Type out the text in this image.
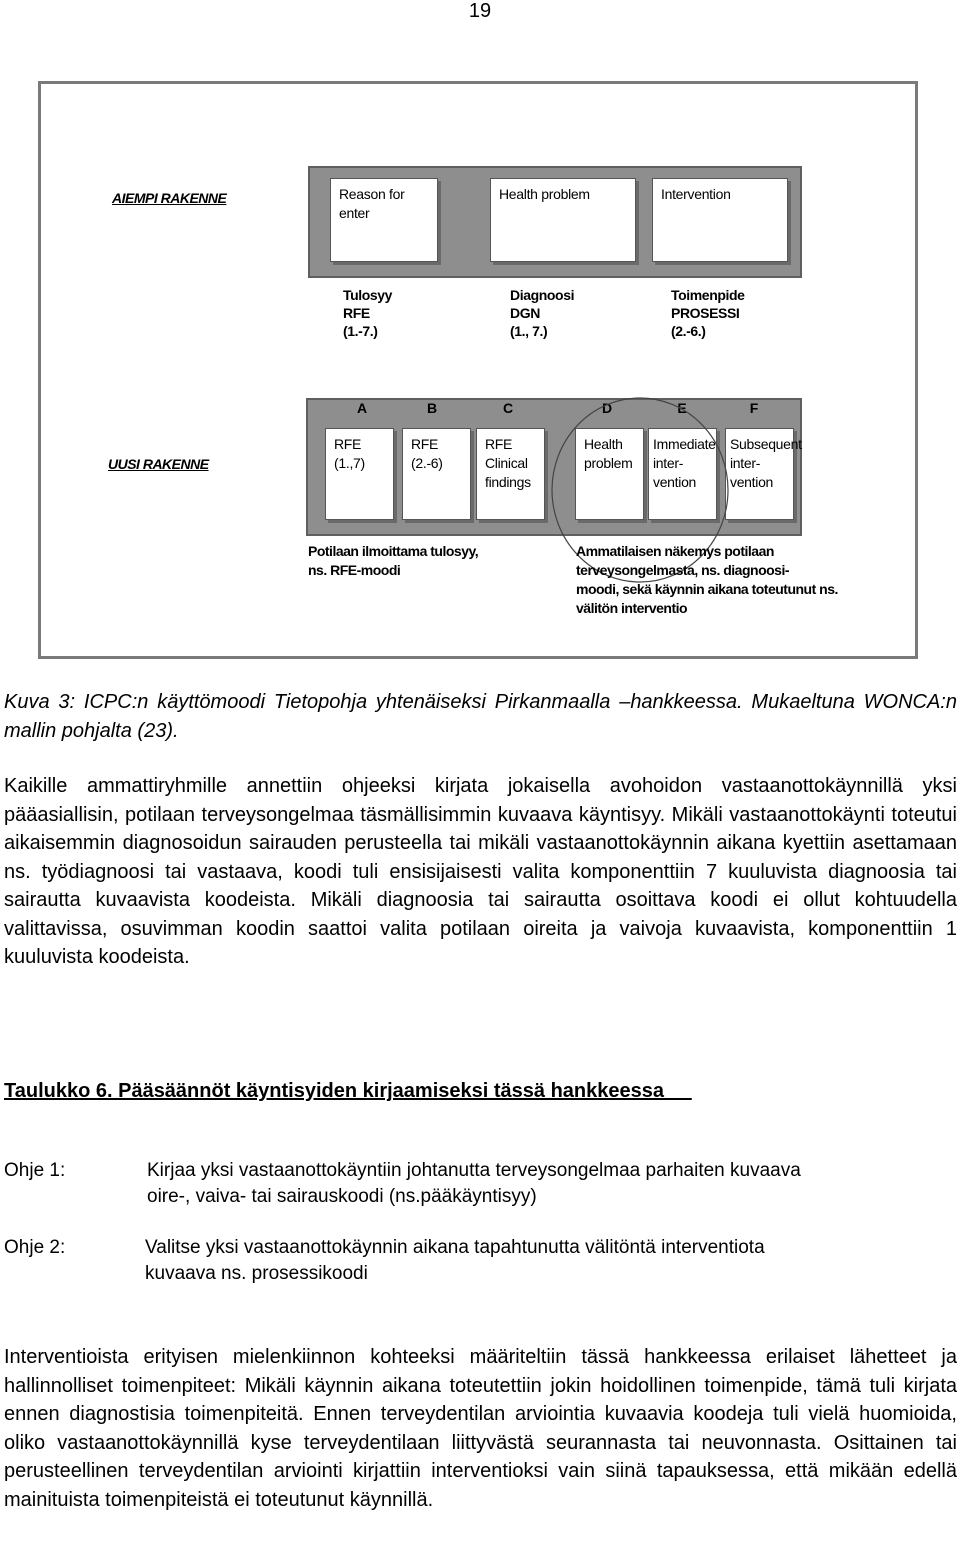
19
AIEMPI RAKENNE
UUSI RAKENNE
Reason for enter
Health problem	Intervention
Tulosyy
RFE
(1.-7.)
Diagnoosi
DGN
(1., 7.)
Toimenpide
PROSESSI
(2.-6.)
A	B	C	D	E	F
RFE
(1.,7)
RFE
(2.-6)
RFE
Clinical
findings
Health
problem
Immediate
inter-
vention
Subsequent
inter-
vention
Potilaan ilmoittama tulosyy,
ns. RFE-moodi
Ammatilaisen näkemys potilaan
terveysongelmasta, ns. diagnoosi-
moodi, sekä käynnin aikana toteutunut ns.
välitön interventio
Kuva 3: ICPC:n käyttömoodi Tietopohja yhtenäiseksi Pirkanmaalla –hankkeessa. Mukaeltuna WONCA:n mallin pohjalta (23).
Kaikille ammattiryhmille annettiin ohjeeksi kirjata jokaisella avohoidon vastaanottokäynnillä yksi pääasiallisin, potilaan terveysongelmaa täsmällisimmin kuvaava käyntisyy. Mikäli vastaanottokäynti toteutui aikaisemmin diagnosoidun sairauden perusteella tai mikäli vastaanottokäynnin aikana kyettiin asettamaan ns. työdiagnoosi tai vastaava, koodi tuli ensisijaisesti valita komponenttiin 7 kuuluvista diagnoosia tai sairautta kuvaavista koodeista. Mikäli diagnoosia tai sairautta osoittava koodi ei ollut kohtuudella valittavissa, osuvimman koodin saattoi valita potilaan oireita ja vaivoja kuvaavista, komponenttiin 1 kuuluvista koodeista.
Taulukko 6. Pääsäännöt käyntisyiden kirjaamiseksi tässä hankkeessa
Ohje 1:	Kirjaa yksi vastaanottokäyntiin johtanutta terveysongelmaa parhaiten kuvaava
oire-, vaiva- tai sairauskoodi (ns.pääkäyntisyy)
Ohje 2:	Valitse yksi vastaanottokäynnin aikana tapahtunutta välitöntä interventiota
kuvaava ns. prosessikoodi
Interventioista erityisen mielenkiinnon kohteeksi määriteltiin tässä hankkeessa erilaiset lähetteet ja hallinnolliset toimenpiteet: Mikäli käynnin aikana toteutettiin jokin hoidollinen toimenpide, tämä tuli kirjata ennen diagnostisia toimenpiteitä. Ennen terveydentilan arviointia kuvaavia koodeja tuli vielä huomioida, oliko vastaanottokäynnillä kyse terveydentilaan liittyvästä seurannasta tai neuvonnasta. Osittainen tai perusteellinen terveydentilan arviointi kirjattiin interventioksi vain siinä tapauksessa, että mikään edellä mainituista toimenpiteistä ei toteutunut käynnillä.
